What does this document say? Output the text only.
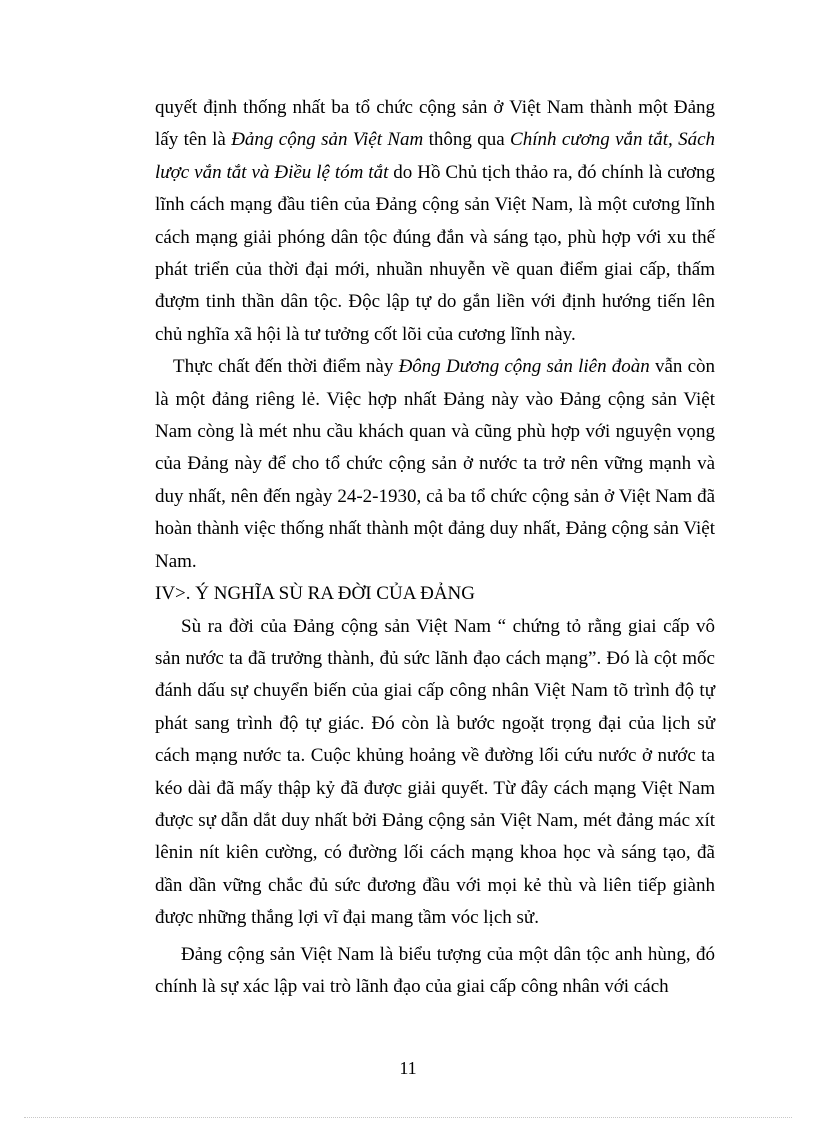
quyết định thống nhất ba tổ chức cộng sản ở Việt Nam thành một Đảng lấy tên là Đảng cộng sản Việt Nam thông qua Chính cương vắn tắt, Sách lược vắn tắt và Điều lệ tóm tắt do Hồ Chủ tịch thảo ra, đó chính là cương lĩnh cách mạng đầu tiên của Đảng cộng sản Việt Nam, là một cương lĩnh cách mạng giải phóng dân tộc đúng đắn và sáng tạo, phù hợp với xu thế phát triển của thời đại mới, nhuần nhuyễn về quan điểm giai cấp, thấm đượm tinh thần dân tộc. Độc lập tự do gắn liền với định hướng tiến lên chủ nghĩa xã hội là tư tưởng cốt lõi của cương lĩnh này.

Thực chất đến thời điểm này Đông Dương cộng sản liên đoàn vẫn còn là một đảng riêng lẻ. Việc hợp nhất Đảng này vào Đảng cộng sản Việt Nam còng là mét nhu cầu khách quan và cũng phù hợp với nguyện vọng của Đảng này để cho tổ chức cộng sản ở nước ta trở nên vững mạnh và duy nhất, nên đến ngày 24-2-1930, cả ba tổ chức cộng sản ở Việt Nam đã hoàn thành việc thống nhất thành một đảng duy nhất, Đảng cộng sản Việt Nam.

IV>. Ý NGHĨA SÙ RA ĐỜI CỦA ĐẢNG

Sù ra đời của Đảng cộng sản Việt Nam “ chứng tỏ rằng giai cấp vô sản nước ta đã trưởng thành, đủ sức lãnh đạo cách mạng”. Đó là cột mốc đánh dấu sự chuyển biến của giai cấp công nhân Việt Nam tõ trình độ tự phát sang trình độ tự giác. Đó còn là bước ngoặt trọng đại của lịch sử cách mạng nước ta. Cuộc khủng hoảng về đường lối cứu nước ở nước ta kéo dài đã mấy thập kỷ đã được giải quyết. Từ đây cách mạng Việt Nam được sự dẫn dắt duy nhất bởi Đảng cộng sản Việt Nam, mét đảng mác xít lênin nít kiên cường, có đường lối cách mạng khoa học và sáng tạo, đã dần dần vững chắc đủ sức đương đầu với mọi kẻ thù và liên tiếp giành được những thắng lợi vĩ đại mang tầm vóc lịch sử.

Đảng cộng sản Việt Nam là biểu tượng của một dân tộc anh hùng, đó chính là sự xác lập vai trò lãnh đạo của giai cấp công nhân với cách

11
